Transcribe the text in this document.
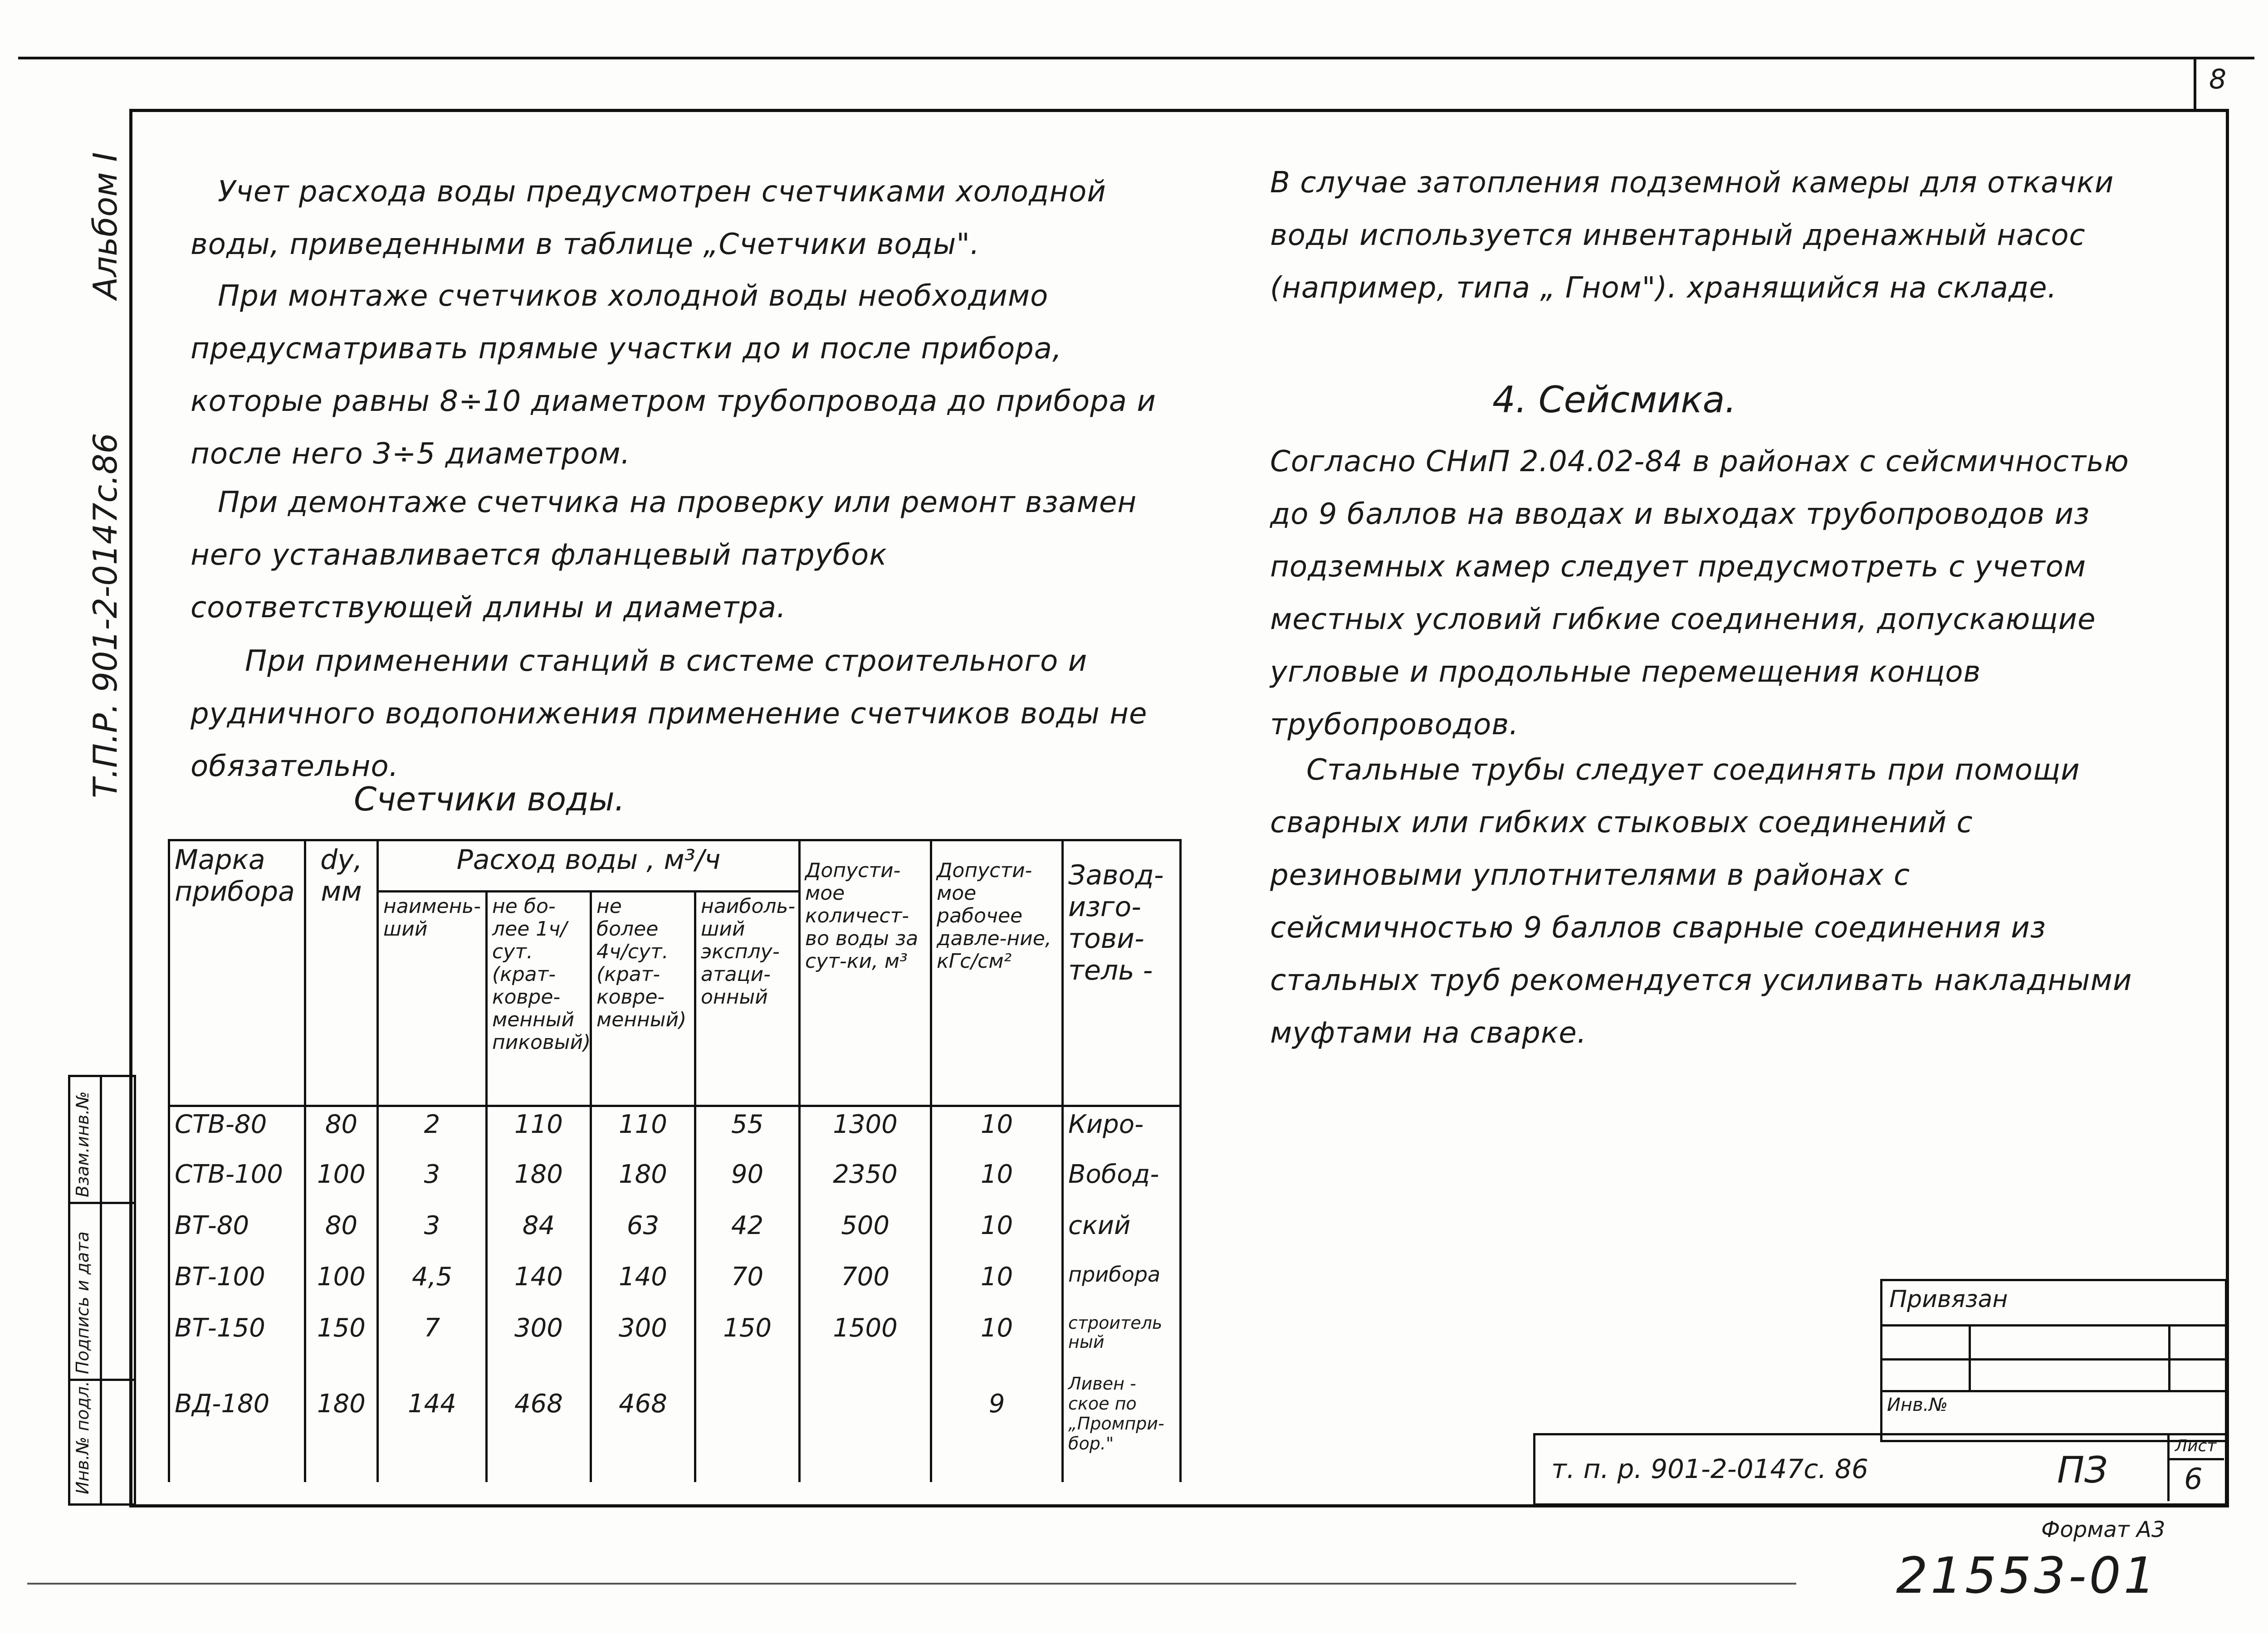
8
Альбом I
Т.П.Р. 901-2-0147с.86
Инв.№ подл.
Подпись и дата
Взам.инв.№
Учет расхода воды предусмотрен счетчиками холодной воды, приведенными в таблице „Счетчики воды".
При монтаже счетчиков холодной воды необходимо предусматривать прямые участки до и после прибора, которые равны 8÷10 диаметром трубопровода до прибора и после него 3÷5 диаметром.
При демонтаже счетчика на проверку или ремонт взамен него устанавливается фланцевый патрубок соответствующей длины и диаметра.
При применении станций в системе строительного и рудничного водопонижения применение счетчиков воды не обязательно.
Счетчики воды.
Марка прибора	dу, мм	Расход воды , м³/ч				Допусти-мое количест-во воды за сут-ки, м³	Допусти-мое рабочее давле-ние, кГс/см²	Завод-изго-тови-тель -
		наимень-ший	не бо-лее 1ч/сут. (крат-ковре-менный пиковый)	не более 4ч/сут. (крат-ковре-менный)	наиболь-ший эксплу-атаци-онный			
СТВ-80	80	2	110	110	55	1300	10	Киро-
СТВ-100	100	3	180	180	90	2350	10	Вобод-
ВТ-80	80	3	84	63	42	500	10	ский
ВТ-100	100	4,5	140	140	70	700	10	прибора
ВТ-150	150	7	300	300	150	1500	10	строитель ный
ВД-180	180	144	468	468			9	Ливен - ское по „Промпри-бор."
В случае затопления подземной камеры для откачки воды используется инвентарный дренажный насос (например, типа „ Гном"). хранящийся на складе.
4. Сейсмика.
Согласно СНиП 2.04.02-84 в районах с сейсмичностью до 9 баллов на вводах и выходах трубопроводов из подземных камер следует предусмотреть с учетом местных условий гибкие соединения, допускающие угловые и продольные перемещения концов трубопроводов.
Стальные трубы следует соединять при помощи сварных или гибких стыковых соединений с резиновыми уплотнителями в районах с сейсмичностью 9 баллов сварные соединения из стальных труб рекомендуется усиливать накладными муфтами на сварке.
Привязан
Инв.№
т. п. р. 901-2-0147с. 86	ПЗ
Лист
6
Формат А3
21553-01
